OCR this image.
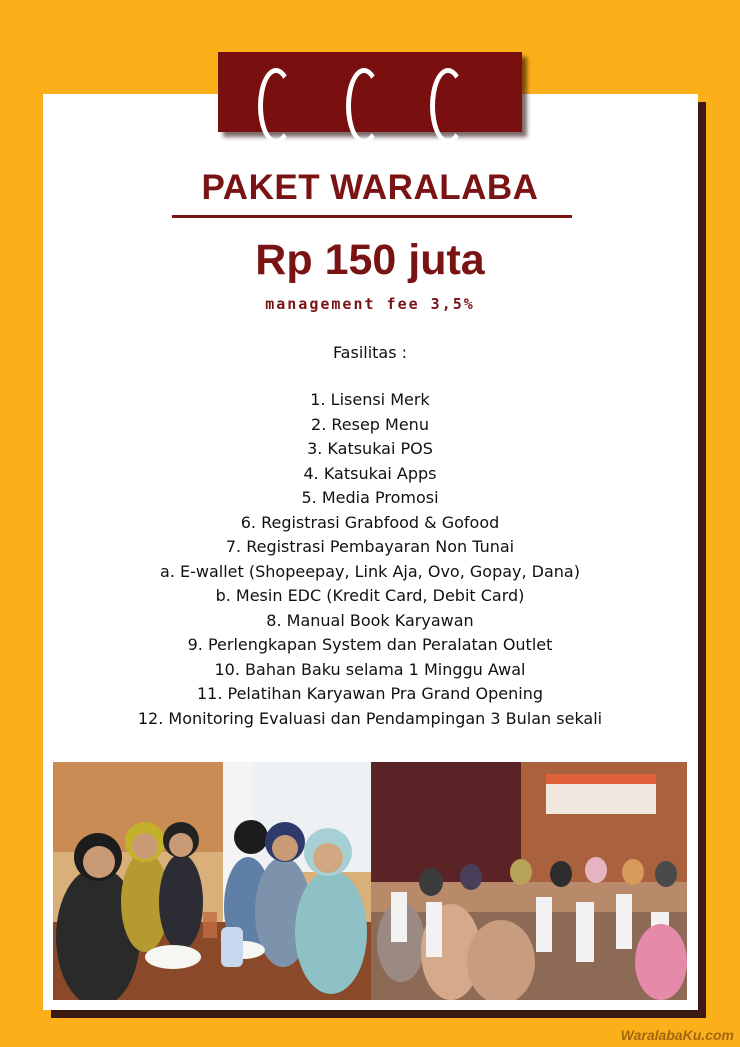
PAKET WARALABA
Rp 150 juta
management fee 3,5%
Fasilitas :
1. Lisensi Merk
2. Resep Menu
3. Katsukai POS
4. Katsukai Apps
5. Media Promosi
6. Registrasi Grabfood & Gofood
7. Registrasi Pembayaran Non Tunai
a. E-wallet (Shopeepay, Link Aja, Ovo, Gopay, Dana)
b. Mesin EDC (Kredit Card, Debit Card)
8. Manual Book Karyawan
9. Perlengkapan System dan Peralatan Outlet
10. Bahan Baku selama 1 Minggu Awal
11. Pelatihan Karyawan Pra Grand Opening
12. Monitoring Evaluasi dan Pendampingan 3 Bulan sekali
WaralabaKu.com
